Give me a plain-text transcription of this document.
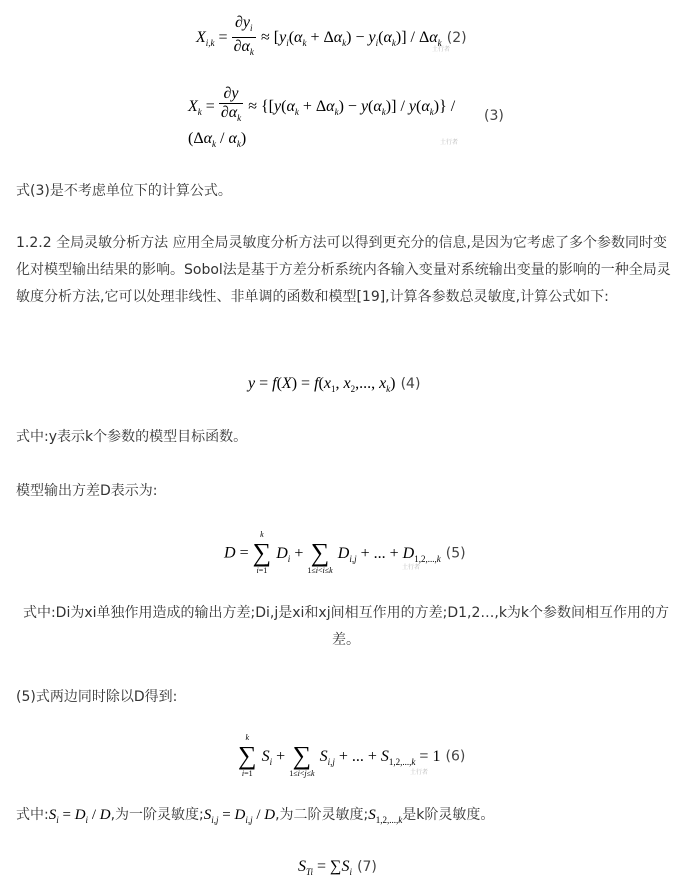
$X_{i,k} = \frac{\partial y_i}{\partial\alpha_k} \approx [y_i(\alpha_k + \Delta\alpha_k) - y_i(\alpha_k)] / \Delta\alpha_k$ (2)
土行者
$X_k = \frac{\partial y}{\partial\alpha_k} \approx \{[y(\alpha_k + \Delta\alpha_k) - y(\alpha_k)] / y(\alpha_k)\}$ /
$(\Delta\alpha_k / \alpha_k)$
(3)
土行者
式(3)是不考虑单位下的计算公式。
1.2.2 全局灵敏分析方法 应用全局灵敏度分析方法可以得到更充分的信息,是因为它考虑了多个参数同时变化对模型输出结果的影响。Sobol法是基于方差分析系统内各输入变量对系统输出变量的影响的一种全局灵敏度分析方法,它可以处理非线性、非单调的函数和模型[19],计算各参数总灵敏度,计算公式如下:
$y = f(X) = f(x_1$, $x_2$,..., $x_k$) (4)
式中:y表示k个参数的模型目标函数。
模型输出方差D表示为:
D =
k
∑
i=1
$D_i$ +
∑
1≤i<i≤k
$D_{i,j}$ + ... + $D_{1,2,...,k}$ (5)
土行者
式中:Di为xi单独作用造成的输出方差;Di,j是xi和xj间相互作用的方差;D1,2…,k为k个参数间相互作用的方差。
(5)式两边同时除以D得到:
k
∑
i=1
$S_i$ +
∑
1≤i<j≤k
$S_{i,j}$ + ... + $S_{1,2,...,k} = 1$ (6)
土行者
式中$:S_i = D_i / D$,为一阶灵敏度$;S_{i,j} = D_{i,j} / D$,为二阶灵敏度$;S_{1,2,...,k}$是k阶灵敏度。
$S_{Ti} = \sum S_i$ (7)
